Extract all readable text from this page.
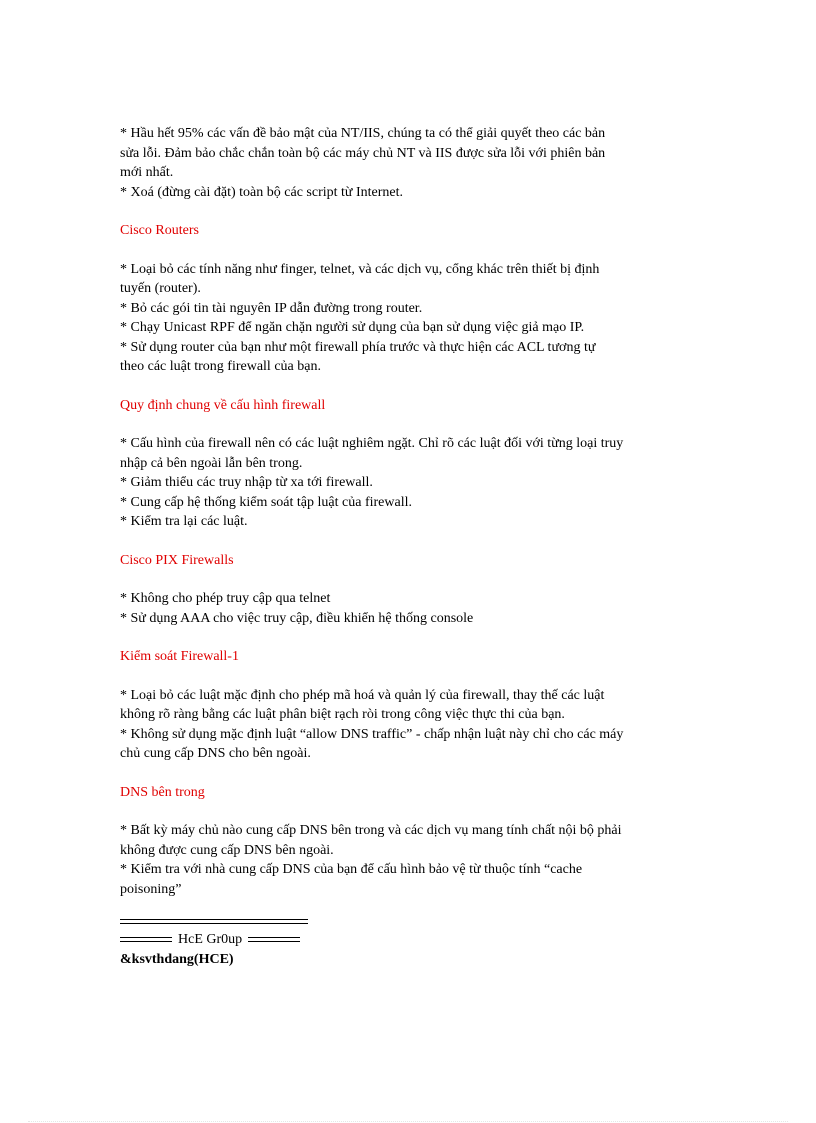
* Hầu hết 95% các vấn đề bảo mật của NT/IIS, chúng ta có thể giải quyết theo các bản
sửa lỗi. Đảm bảo chắc chắn toàn bộ các máy chủ NT và IIS được sửa lỗi với phiên bản
mới nhất.
* Xoá (đừng cài đặt) toàn bộ các script từ Internet.
Cisco Routers
* Loại bỏ các tính năng như finger, telnet, và các dịch vụ, cổng khác trên thiết bị định
tuyến (router).
* Bỏ các gói tin tài nguyên IP dẫn đường trong router.
* Chạy Unicast RPF để ngăn chặn người sử dụng của bạn sử dụng việc giả mạo IP.
* Sử dụng router của bạn như một firewall phía trước và thực hiện các ACL tương tự
theo các luật trong firewall của bạn.
Quy định chung về cấu hình firewall
* Cấu hình của firewall nên có các luật nghiêm ngặt. Chỉ rõ các luật đối với từng loại truy
nhập cả bên ngoài lẫn bên trong.
* Giảm thiểu các truy nhập từ xa tới firewall.
* Cung cấp hệ thống kiểm soát tập luật của firewall.
* Kiểm tra lại các luật.
Cisco PIX Firewalls
* Không cho phép truy cập qua telnet
* Sử dụng AAA cho việc truy cập, điều khiển hệ thống console
Kiểm soát Firewall-1
* Loại bỏ các luật mặc định cho phép mã hoá và quản lý của firewall, thay thế các luật
không rõ ràng bằng các luật phân biệt rạch ròi trong công việc thực thi của bạn.
* Không sử dụng mặc định luật “allow DNS traffic” - chấp nhận luật này chỉ cho các máy
chủ cung cấp DNS cho bên ngoài.
DNS bên trong
* Bất kỳ máy chủ nào cung cấp DNS bên trong và các dịch vụ mang tính chất nội bộ phải
không được cung cấp DNS bên ngoài.
* Kiểm tra với nhà cung cấp DNS của bạn để cấu hình bảo vệ từ thuộc tính “cache
poisoning”
HcE Gr0up
&ksvthdang(HCE)
